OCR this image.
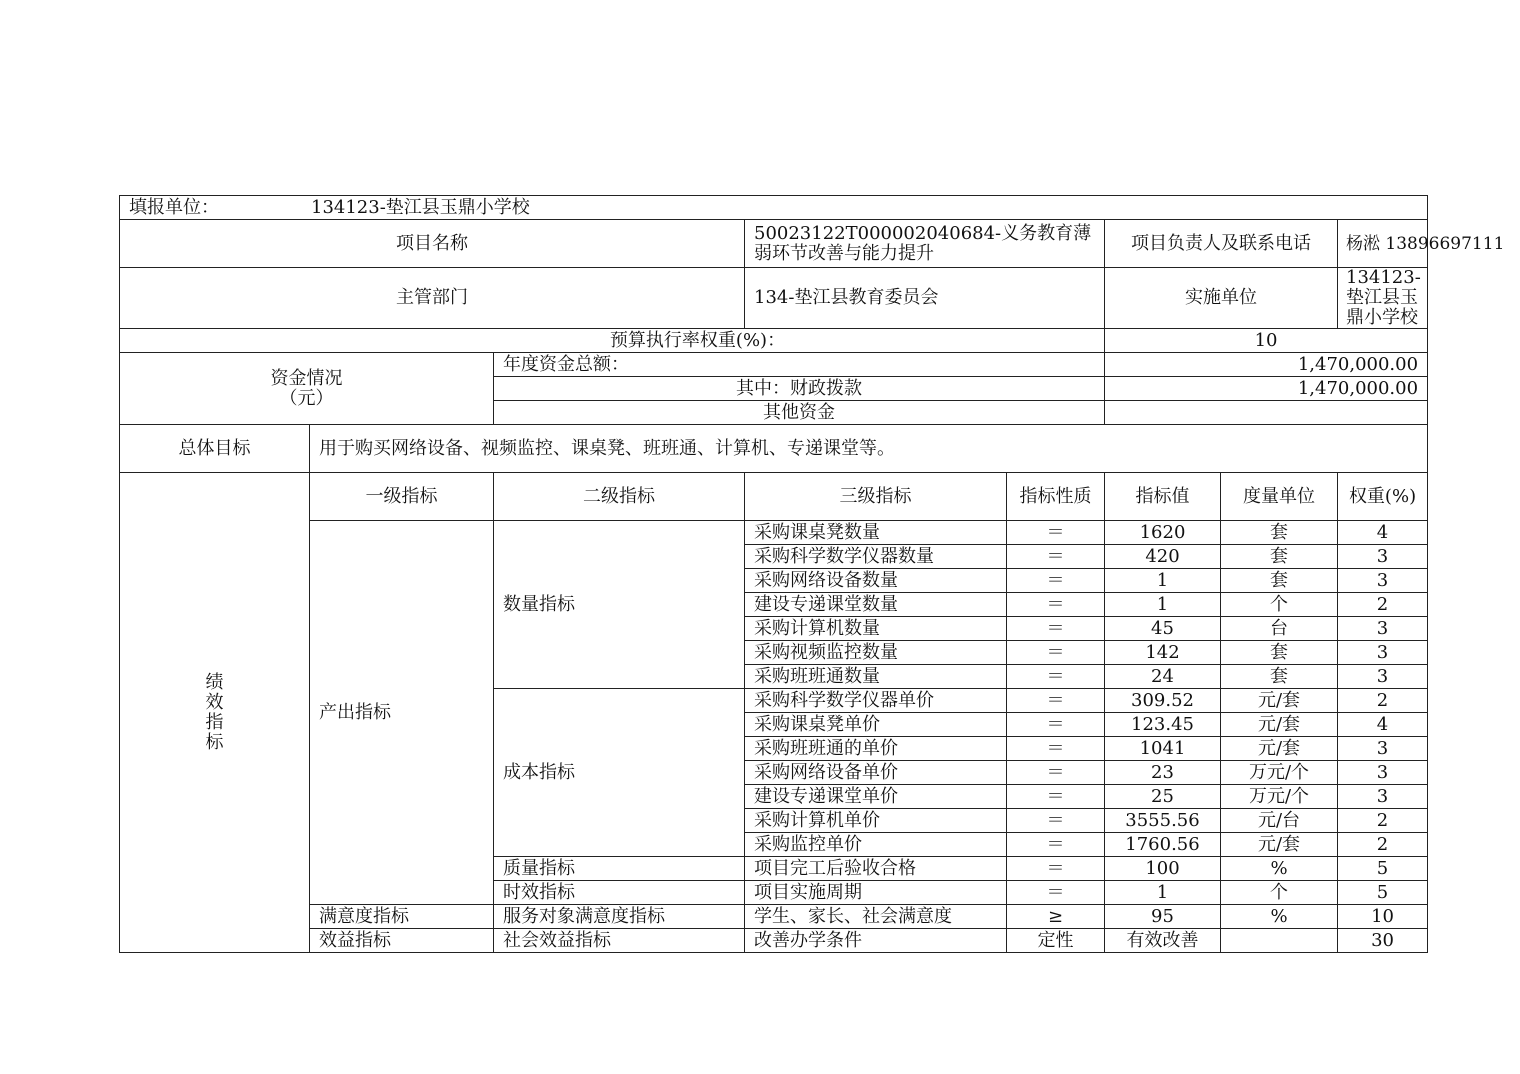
填报单位： 134123-垫江县玉鼎小学校							
项目名称			50023122T000002040684-义务教育薄弱环节改善与能力提升		项目负责人及联系电话		杨淞 13896697111
主管部门			134-垫江县教育委员会		实施单位		134123-垫江县玉鼎小学校
预算执行率权重(%)：					10		

资金情况
（元）		年度资金总额：			1,470,000.00		
		其中：财政拨款			1,470,000.00		
		其他资金					
总体目标	用于购买网络设备、视频监控、课桌凳、班班通、计算机、专递课堂等。						

绩
效
指
标	一级指标	二级指标	三级指标	指标性质	指标值	度量单位	权重(%)
	产出指标	数量指标	采购课桌凳数量	＝	1620	套	4
			采购科学数学仪器数量	＝	420	套	3
			采购网络设备数量	＝	1	套	3
			建设专递课堂数量	＝	1	个	2
			采购计算机数量	＝	45	台	3
			采购视频监控数量	＝	142	套	3
			采购班班通数量	＝	24	套	3
		成本指标	采购科学数学仪器单价	＝	309.52	元/套	2
			采购课桌凳单价	＝	123.45	元/套	4
			采购班班通的单价	＝	1041	元/套	3
			采购网络设备单价	＝	23	万元/个	3
			建设专递课堂单价	＝	25	万元/个	3
			采购计算机单价	＝	3555.56	元/台	2
			采购监控单价	＝	1760.56	元/套	2
		质量指标	项目完工后验收合格	＝	100	%	5
		时效指标	项目实施周期	＝	1	个	5
	满意度指标	服务对象满意度指标	学生、家长、社会满意度	≥	95	%	10
	效益指标	社会效益指标	改善办学条件	定性	有效改善		30
